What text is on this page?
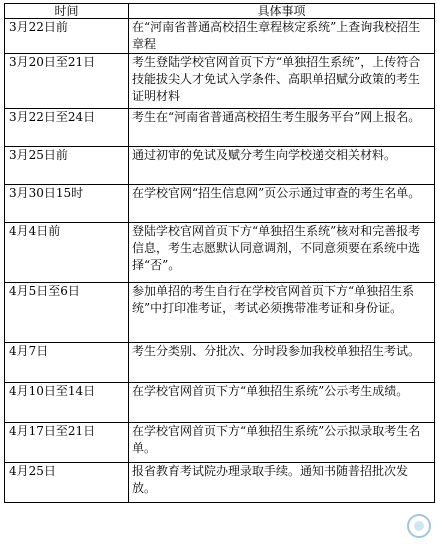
时间	具体事项
3月22日前	在“河南省普通高校招生章程核定系统”上查询我校招生章程
3月20日至21日	考生登陆学校官网首页下方“单独招生系统”，上传符合技能拔尖人才免试入学条件、高职单招赋分政策的考生证明材料
3月22日至24日	考生在“河南省普通高校招生考生服务平台”网上报名。
3月25日前	通过初审的免试及赋分考生向学校递交相关材料。
3月30日15时	在学校官网“招生信息网”页公示通过审查的考生名单。
4月4日前	登陆学校官网首页下方“单独招生系统”核对和完善报考信息，考生志愿默认同意调剂，不同意须要在系统中选择“否”。
4月5日至6日	参加单招的考生自行在学校官网首页下方“单独招生系统”中打印准考证，考试必须携带准考证和身份证。
4月7日	考生分类别、分批次、分时段参加我校单独招生考试。
4月10日至14日	在学校官网首页下方“单独招生系统”公示考生成绩。
4月17日至21日	在学校官网首页下方“单独招生系统”公示拟录取考生名单。
4月25日	报省教育考试院办理录取手续。通知书随普招批次发放。
